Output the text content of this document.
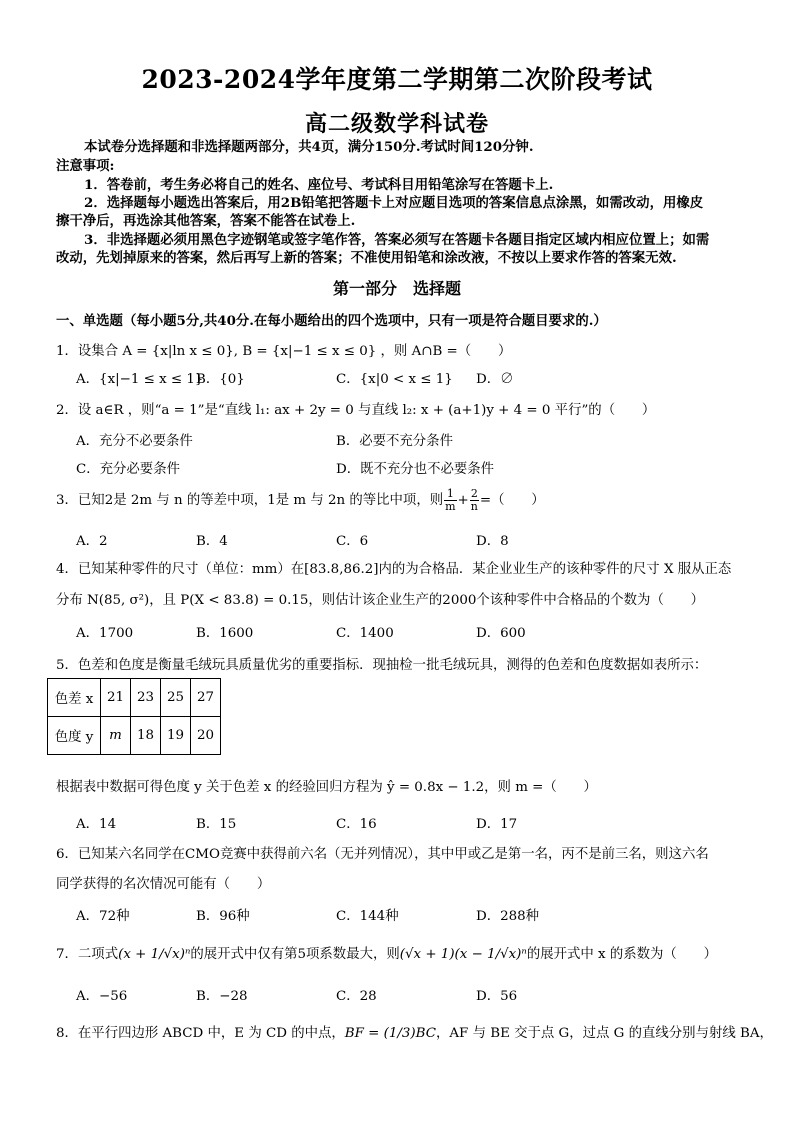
2023-2024学年度第二学期第二次阶段考试
高二级数学科试卷
本试卷分选择题和非选择题两部分，共4页，满分150分.考试时间120分钟.
注意事项:
1．答卷前，考生务必将自己的姓名、座位号、考试科目用铅笔涂写在答题卡上.
2．选择题每小题选出答案后，用2B铅笔把答题卡上对应题目选项的答案信息点涂黑，如需改动，用橡皮
擦干净后，再选涂其他答案，答案不能答在试卷上.
3．非选择题必须用黑色字迹钢笔或签字笔作答，答案必须写在答题卡各题目指定区域内相应位置上；如需
改动，先划掉原来的答案，然后再写上新的答案；不准使用铅笔和涂改液，不按以上要求作答的答案无效.
第一部分　选择题
一、单选题（每小题5分,共40分.在每小题给出的四个选项中，只有一项是符合题目要求的.）
1．设集合 A = {x|ln x ≤ 0}, B = {x|−1 ≤ x ≤ 0} ，则 A∩B =（　　）
A．{x|−1 ≤ x ≤ 1}
B．{0}	C．{x|0 < x ≤ 1} D．∅
2．设 a∈R ，则“a = 1”是“直线 l₁: ax + 2y = 0 与直线 l₂: x + (a+1)y + 4 = 0 平行”的（　　）
A．充分不必要条件	B．必要不充分条件
C．充分必要条件	D．既不充分也不必要条件
3．已知2是 2m 与 n 的等差中项，1是 m 与 2n 的等比中项，则 $\frac{1}{m} + \frac{2}{n}$ =（　　）
A．2	B．4	C．6	D．8
4．已知某种零件的尺寸（单位：mm）在[83.8,86.2]内的为合格品．某企业业生产的该种零件的尺寸 X 服从正态
分布 N(85, σ²)，且 P(X < 83.8) = 0.15，则估计该企业生产的2000个该种零件中合格品的个数为（　　）
A．1700	B．1600	C．1400	D．600
5．色差和色度是衡量毛绒玩具质量优劣的重要指标．现抽检一批毛绒玩具，测得的色差和色度数据如表所示：
色差 x	21	23	25	27
色度 y	m	18	19	20
根据表中数据可得色度 y 关于色差 x 的经验回归方程为 ŷ = 0.8x − 1.2，则 m =（　　）
A．14	B．15	C．16	D．17
6．已知某六名同学在CMO竞赛中获得前六名（无并列情况），其中甲或乙是第一名，丙不是前三名，则这六名
同学获得的名次情况可能有（　　）
A．72种	B．96种	C．144种	D．288种
7．二项式(x + 1/√x)ⁿ的展开式中仅有第5项系数最大，则(√x + 1)(x − 1/√x)ⁿ的展开式中 x 的系数为（　　）
A．−56	B．−28	C．28	D．56
8．在平行四边形 ABCD 中，E 为 CD 的中点，BF = (1/3)BC，AF 与 BE 交于点 G，过点 G 的直线分别与射线 BA，
